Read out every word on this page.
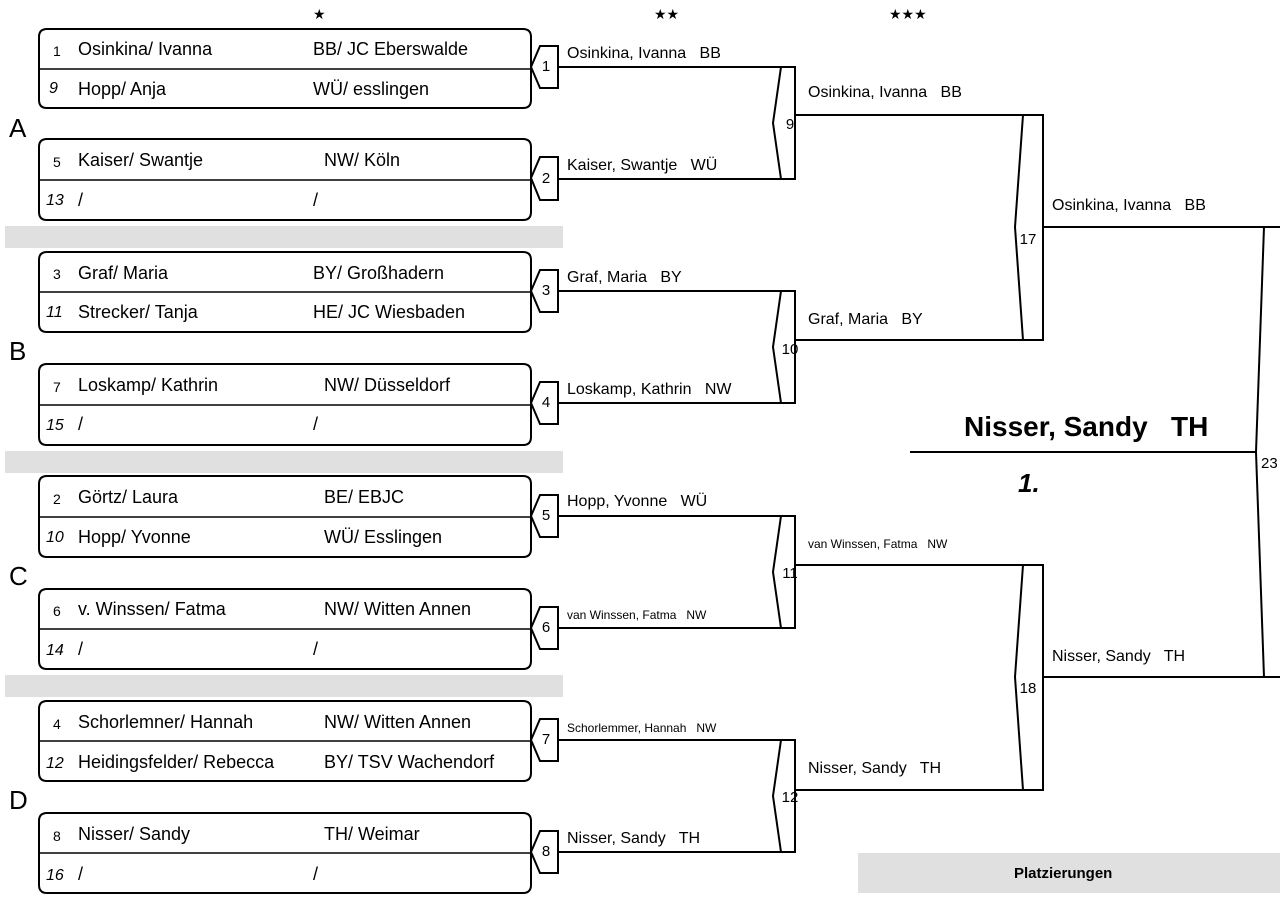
★	★★	★★★
A
B
C
D
1 Osinkina/ Ivanna	BB/ JC Eberswalde
9 Hopp/ Anja	WÜ/ esslingen
5 Kaiser/ Swantje	NW/ Köln
13 /	/
3 Graf/ Maria	BY/ Großhadern
11 Strecker/ Tanja	HE/ JC Wiesbaden
7 Loskamp/ Kathrin	NW/ Düsseldorf
15 /	/
2 Görtz/ Laura	BE/ EBJC
10 Hopp/ Yvonne	WÜ/ Esslingen
6 v. Winssen/ Fatma	NW/ Witten Annen
14 /	/
4 Schorlemner/ Hannah	NW/ Witten Annen
12 Heidingsfelder/ Rebecca	BY/ TSV Wachendorf
8 Nisser/ Sandy	TH/ Weimar
16 /	/
1
Osinkina, Ivanna   BB
2
Kaiser, Swantje   WÜ
3
Graf, Maria   BY
4
Loskamp, Kathrin   NW
5
Hopp, Yvonne   WÜ
6
van Winssen, Fatma   NW
7
Schorlemmer, Hannah   NW
8
Nisser, Sandy   TH
9
Osinkina, Ivanna   BB
10
Graf, Maria   BY
11
van Winssen, Fatma   NW
12
Nisser, Sandy   TH
17
Osinkina, Ivanna   BB
18
Nisser, Sandy   TH
23
Nisser, Sandy   TH
1.
Platzierungen
